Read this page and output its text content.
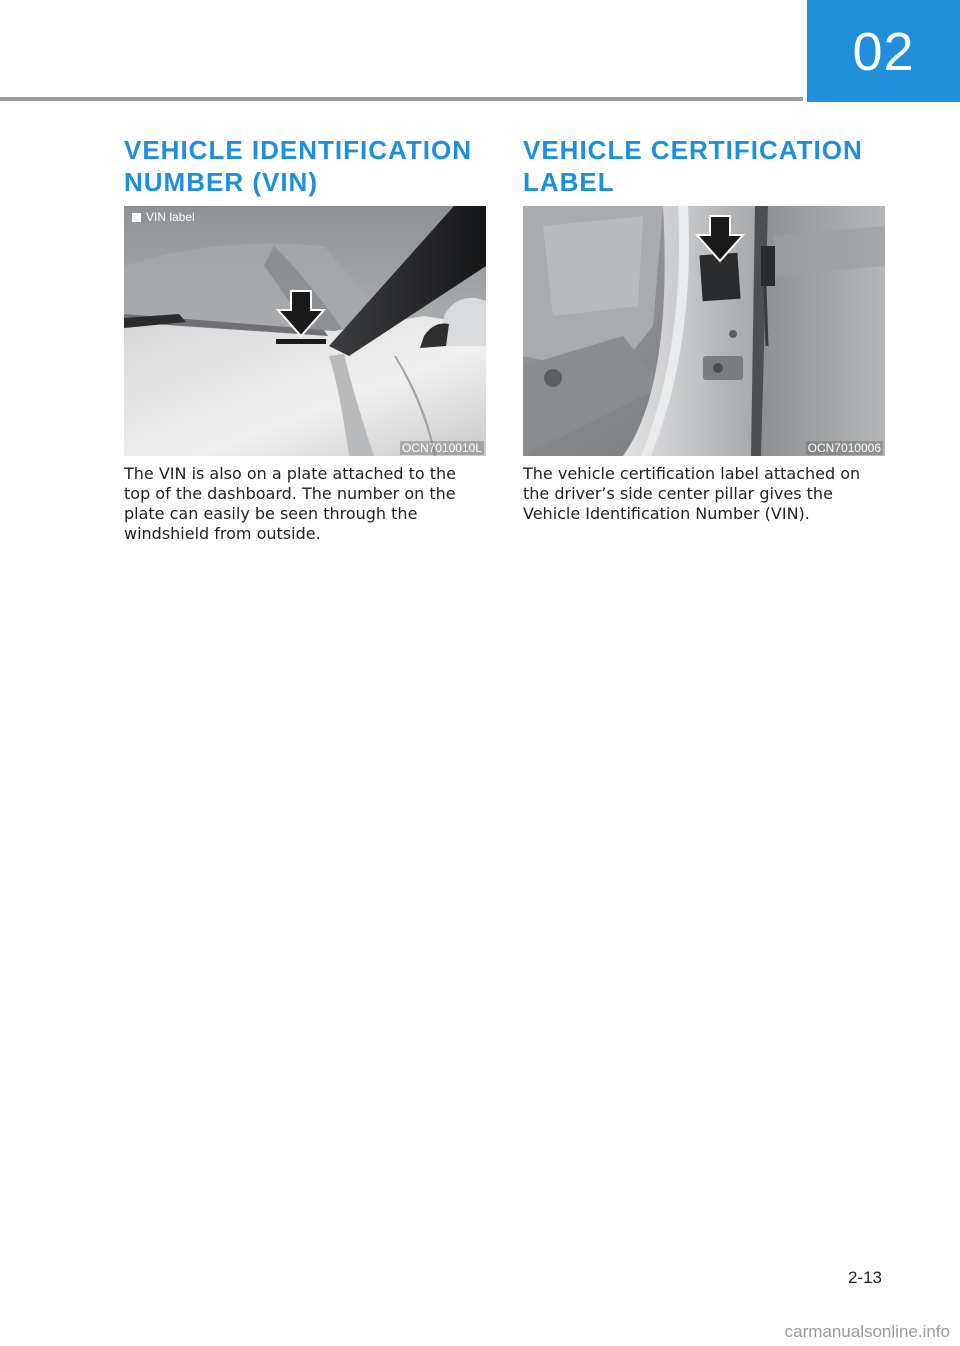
02
VEHICLE IDENTIFICATION
NUMBER (VIN)
VIN label
OCN7010010L

The VIN is also on a plate attached to the top of the dashboard. The number on the plate can easily be seen through the windshield from outside.

VEHICLE CERTIFICATION
LABEL
OCN7010006

The vehicle certification label attached on the driver’s side center pillar gives the Vehicle Identification Number (VIN).

2-13
carmanualsonline.info
